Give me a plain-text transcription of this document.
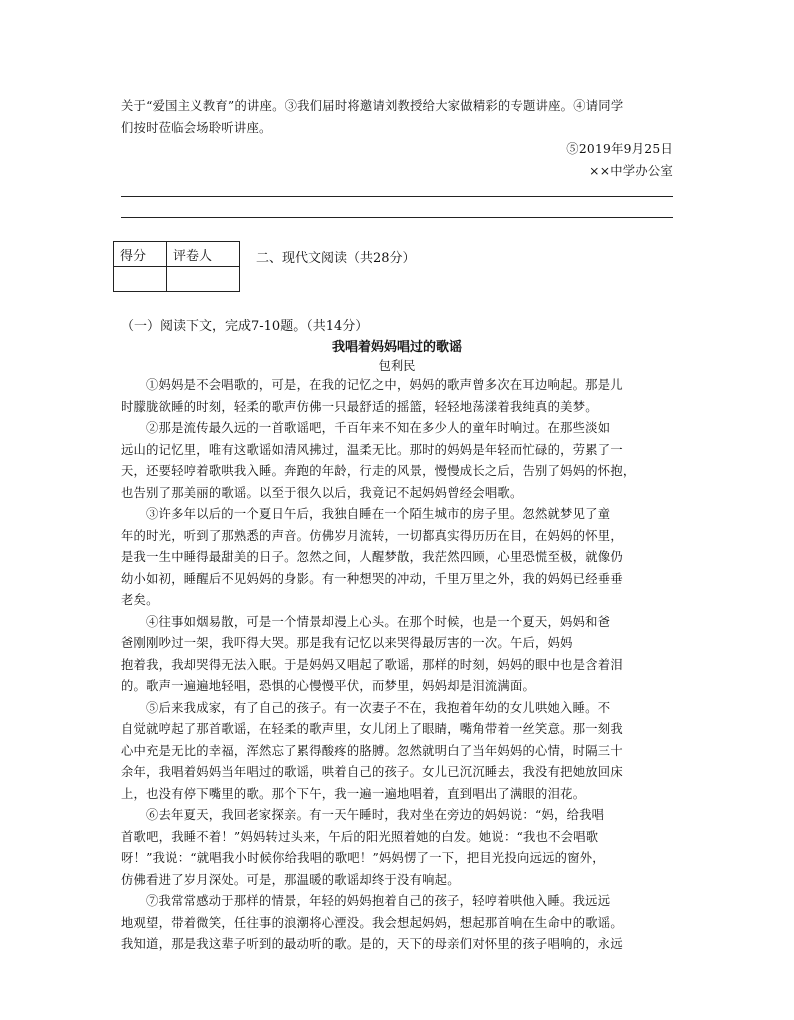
关于“爱国主义教育”的讲座。③我们届时将邀请刘教授给大家做精彩的专题讲座。④请同学
们按时莅临会场聆听讲座。
⑤2019年9月25日
××中学办公室
得分	评卷人
		二、现代文阅读（共28分）
（一）阅读下文，完成7-10题。（共14分）
我唱着妈妈唱过的歌谣
包利民
①妈妈是不会唱歌的，可是，在我的记忆之中，妈妈的歌声曾多次在耳边响起。那是儿
时朦胧欲睡的时刻，轻柔的歌声仿佛一只最舒适的摇篮，轻轻地荡漾着我纯真的美梦。
②那是流传最久远的一首歌谣吧，千百年来不知在多少人的童年时响过。在那些淡如
远山的记忆里，唯有这歌谣如清风拂过，温柔无比。那时的妈妈是年轻而忙碌的，劳累了一
天，还要轻哼着歌哄我入睡。奔跑的年龄，行走的风景，慢慢成长之后，告别了妈妈的怀抱，
也告别了那美丽的歌谣。以至于很久以后，我竟记不起妈妈曾经会唱歌。
③许多年以后的一个夏日午后，我独自睡在一个陌生城市的房子里。忽然就梦见了童
年的时光，听到了那熟悉的声音。仿佛岁月流转，一切都真实得历历在目，在妈妈的怀里，
是我一生中睡得最甜美的日子。忽然之间，人醒梦散，我茫然四顾，心里恐慌至极，就像仍
幼小如初，睡醒后不见妈妈的身影。有一种想哭的冲动，千里万里之外，我的妈妈已经垂垂
老矣。
④往事如烟易散，可是一个情景却漫上心头。在那个时候，也是一个夏天，妈妈和爸
爸刚刚吵过一架，我吓得大哭。那是我有记忆以来哭得最厉害的一次。午后，妈妈
抱着我，我却哭得无法入眠。于是妈妈又唱起了歌谣，那样的时刻，妈妈的眼中也是含着泪
的。歌声一遍遍地轻唱，恐惧的心慢慢平伏，而梦里，妈妈却是泪流满面。
⑤后来我成家，有了自己的孩子。有一次妻子不在，我抱着年幼的女儿哄她入睡。不
自觉就哼起了那首歌谣，在轻柔的歌声里，女儿闭上了眼睛，嘴角带着一丝笑意。那一刻我
心中充是无比的幸福，浑然忘了累得酸疼的胳膊。忽然就明白了当年妈妈的心情，时隔三十
余年，我唱着妈妈当年唱过的歌谣，哄着自己的孩子。女儿已沉沉睡去，我没有把她放回床
上，也没有停下嘴里的歌。那个下午，我一遍一遍地唱着，直到唱出了满眼的泪花。
⑥去年夏天，我回老家探亲。有一天午睡时，我对坐在旁边的妈妈说：“妈，给我唱
首歌吧，我睡不着！”妈妈转过头来，午后的阳光照着她的白发。她说：“我也不会唱歌
呀！”我说：“就唱我小时候你给我唱的歌吧！”妈妈愣了一下，把目光投向远远的窗外，
仿佛看进了岁月深处。可是，那温暖的歌谣却终于没有响起。
⑦我常常感动于那样的情景，年轻的妈妈抱着自己的孩子，轻哼着哄他入睡。我远远
地观望，带着微笑，任往事的浪潮将心湮没。我会想起妈妈，想起那首响在生命中的歌谣。
我知道，那是我这辈子听到的最动听的歌。是的，天下的母亲们对怀里的孩子唱响的，永远
